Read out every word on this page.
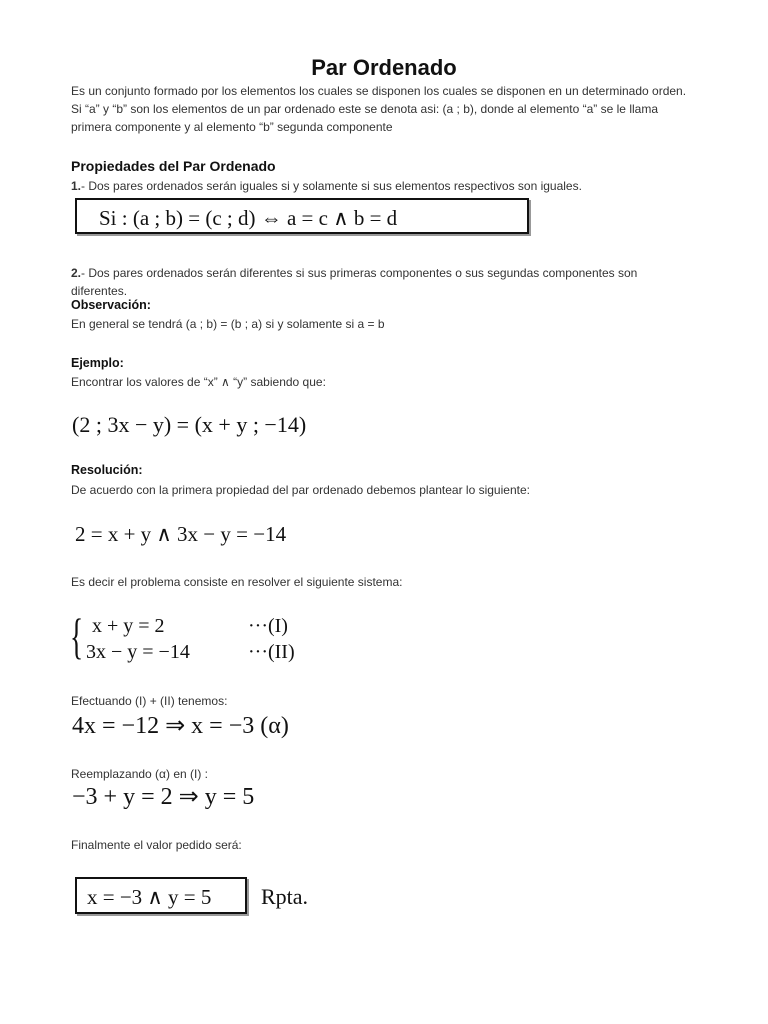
Par Ordenado
Es un conjunto formado por los elementos los cuales se disponen los cuales se disponen en un determinado orden.
Si “a” y “b” son los elementos de un par ordenado este se denota asi: (a ; b), donde al elemento “a” se le llama
primera componente y al elemento “b” segunda componente
Propiedades del Par Ordenado
1.- Dos pares ordenados serán iguales si y solamente si sus elementos respectivos son iguales.
Si : (a ; b) = (c ; d) ⇔ a = c ∧ b = d
2.- Dos pares ordenados serán diferentes si sus primeras componentes o sus segundas componentes son
diferentes.
Observación:
En general se tendrá (a ; b) = (b ; a) si y solamente si a = b
Ejemplo:
Encontrar los valores de “x” ∧ “y” sabiendo que:
(2 ; 3x − y) = (x + y ; −14)
Resolución:
De acuerdo con la primera propiedad del par ordenado debemos plantear lo siguiente:
2 = x + y ∧ 3x − y = −14
Es decir el problema consiste en resolver el siguiente sistema:
{ x + y = 2	···(I)
3x − y = −14	···(II)
Efectuando (I) + (II) tenemos:
4x = −12 ⇒ x = −3 (α)
Reemplazando (α) en (I) :
−3 + y = 2 ⇒ y = 5
Finalmente el valor pedido será:
x = −3 ∧ y = 5	Rpta.
